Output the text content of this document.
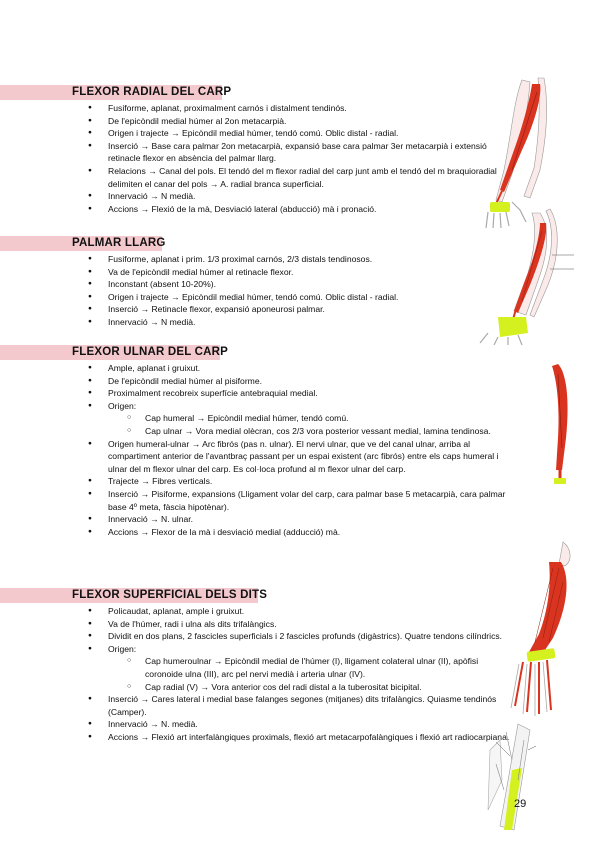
FLEXOR RADIAL DEL CARP
● Fusiforme, aplanat, proximalment carnós i distalment tendinós.
● De l'epicòndil medial húmer al 2on metacarpià.
● Origen i trajecte → Epicòndil medial húmer, tendó comú. Oblic distal - radial.
● Inserció → Base cara palmar 2on metacarpià, expansió base cara palmar 3er metacarpià i extensió retinacle flexor en absència del palmar llarg.
● Relacions → Canal del pols. El tendó del m flexor radial del carp junt amb el tendó del m braquioradial delimiten el canar del pols → A. radial branca superficial.
● Innervació → N medià.
● Accions → Flexió de la mà, Desviació lateral (abducció) mà i pronació.
PALMAR LLARG
● Fusiforme, aplanat i prim. 1/3 proximal carnós, 2/3 distals tendinosos.
● Va de l'epicòndil medial húmer al retinacle flexor.
● Inconstant (absent 10-20%).
● Origen i trajecte → Epicòndil medial húmer, tendó comú. Oblic distal - radial.
● Inserció → Retinacle flexor, expansió aponeurosi palmar.
● Innervació → N medià.
FLEXOR ULNAR DEL CARP
● Ample, aplanat i gruixut.
● De l'epicòndil medial húmer al pisiforme.
● Proximalment recobreix superfície antebraquial medial.
● Origen:
○ Cap humeral → Epicòndil medial húmer, tendó comú.
○ Cap ulnar → Vora medial olècran, cos 2/3 vora posterior vessant medial, lamina tendinosa.
● Origen humeral-ulnar → Arc fibrós (pas n. ulnar). El nervi ulnar, que ve del canal ulnar, arriba al compartiment anterior de l'avantbraç passant per un espai existent (arc fibrós) entre els caps humeral i ulnar del m flexor ulnar del carp. Es col·loca profund al m flexor ulnar del carp.
● Trajecte → Fibres verticals.
● Inserció → Pisiforme, expansions (Lligament volar del carp, cara palmar base 5 metacarpià, cara palmar base 4º meta, fàscia hipotènar).
● Innervació → N. ulnar.
● Accions → Flexor de la mà i desviació medial (adducció) mà.
FLEXOR SUPERFICIAL DELS DITS
● Policaudat, aplanat, ample i gruixut.
● Va de l'húmer, radi i ulna als dits trifalàngics.
● Dividit en dos plans, 2 fascicles superficials i 2 fascicles profunds (digàstrics). Quatre tendons cilíndrics.
● Origen:
○ Cap humeroulnar → Epicòndil medial de l'húmer (I), lligament colateral ulnar (II), apòfisi coronoide ulna (III), arc pel nervi medià i arteria ulnar (IV).
○ Cap radial (V) → Vora anterior cos del radi distal a la tuberositat bicipital.
● Inserció → Cares lateral i medial base falanges segones (mitjanes) dits trifalàngics. Quiasme tendinós (Camper).
● Innervació → N. medià.
● Accions → Flexió art interfalàngiques proximals, flexió art metacarpofalàngiques i flexió art radiocarpiana.
29
